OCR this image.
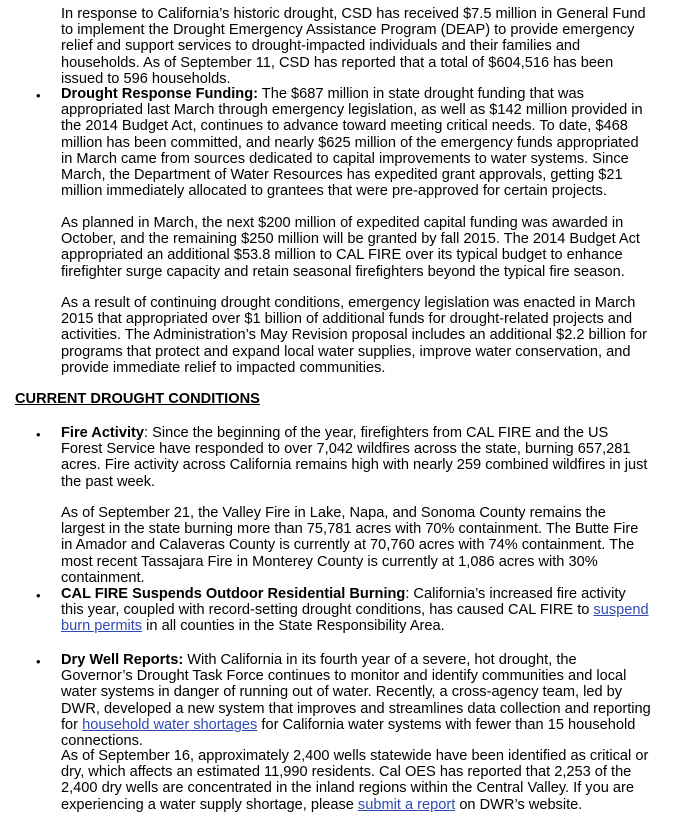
In response to California’s historic drought, CSD has received $7.5 million in General Fund to implement the Drought Emergency Assistance Program (DEAP) to provide emergency relief and support services to drought-impacted individuals and their families and households. As of September 11, CSD has reported that a total of $604,516 has been issued to 596 households.

• Drought Response Funding: The $687 million in state drought funding that was appropriated last March through emergency legislation, as well as $142 million provided in the 2014 Budget Act, continues to advance toward meeting critical needs. To date, $468 million has been committed, and nearly $625 million of the emergency funds appropriated in March came from sources dedicated to capital improvements to water systems. Since March, the Department of Water Resources has expedited grant approvals, getting $21 million immediately allocated to grantees that were pre-approved for certain projects.

As planned in March, the next $200 million of expedited capital funding was awarded in October, and the remaining $250 million will be granted by fall 2015. The 2014 Budget Act appropriated an additional $53.8 million to CAL FIRE over its typical budget to enhance firefighter surge capacity and retain seasonal firefighters beyond the typical fire season.

As a result of continuing drought conditions, emergency legislation was enacted in March 2015 that appropriated over $1 billion of additional funds for drought-related projects and activities. The Administration’s May Revision proposal includes an additional $2.2 billion for programs that protect and expand local water supplies, improve water conservation, and provide immediate relief to impacted communities.

CURRENT DROUGHT CONDITIONS
• Fire Activity: Since the beginning of the year, firefighters from CAL FIRE and the US Forest Service have responded to over 7,042 wildfires across the state, burning 657,281 acres. Fire activity across California remains high with nearly 259 combined wildfires in just the past week.

As of September 21, the Valley Fire in Lake, Napa, and Sonoma County remains the largest in the state burning more than 75,781 acres with 70% containment. The Butte Fire in Amador and Calaveras County is currently at 70,760 acres with 74% containment. The most recent Tassajara Fire in Monterey County is currently at 1,086 acres with 30% containment.

• CAL FIRE Suspends Outdoor Residential Burning: California’s increased fire activity this year, coupled with record-setting drought conditions, has caused CAL FIRE to suspend burn permits in all counties in the State Responsibility Area.

• Dry Well Reports: With California in its fourth year of a severe, hot drought, the Governor’s Drought Task Force continues to monitor and identify communities and local water systems in danger of running out of water. Recently, a cross-agency team, led by DWR, developed a new system that improves and streamlines data collection and reporting for household water shortages for California water systems with fewer than 15 household connections.

As of September 16, approximately 2,400 wells statewide have been identified as critical or dry, which affects an estimated 11,990 residents. Cal OES has reported that 2,253 of the 2,400 dry wells are concentrated in the inland regions within the Central Valley. If you are experiencing a water supply shortage, please submit a report on DWR’s website.
